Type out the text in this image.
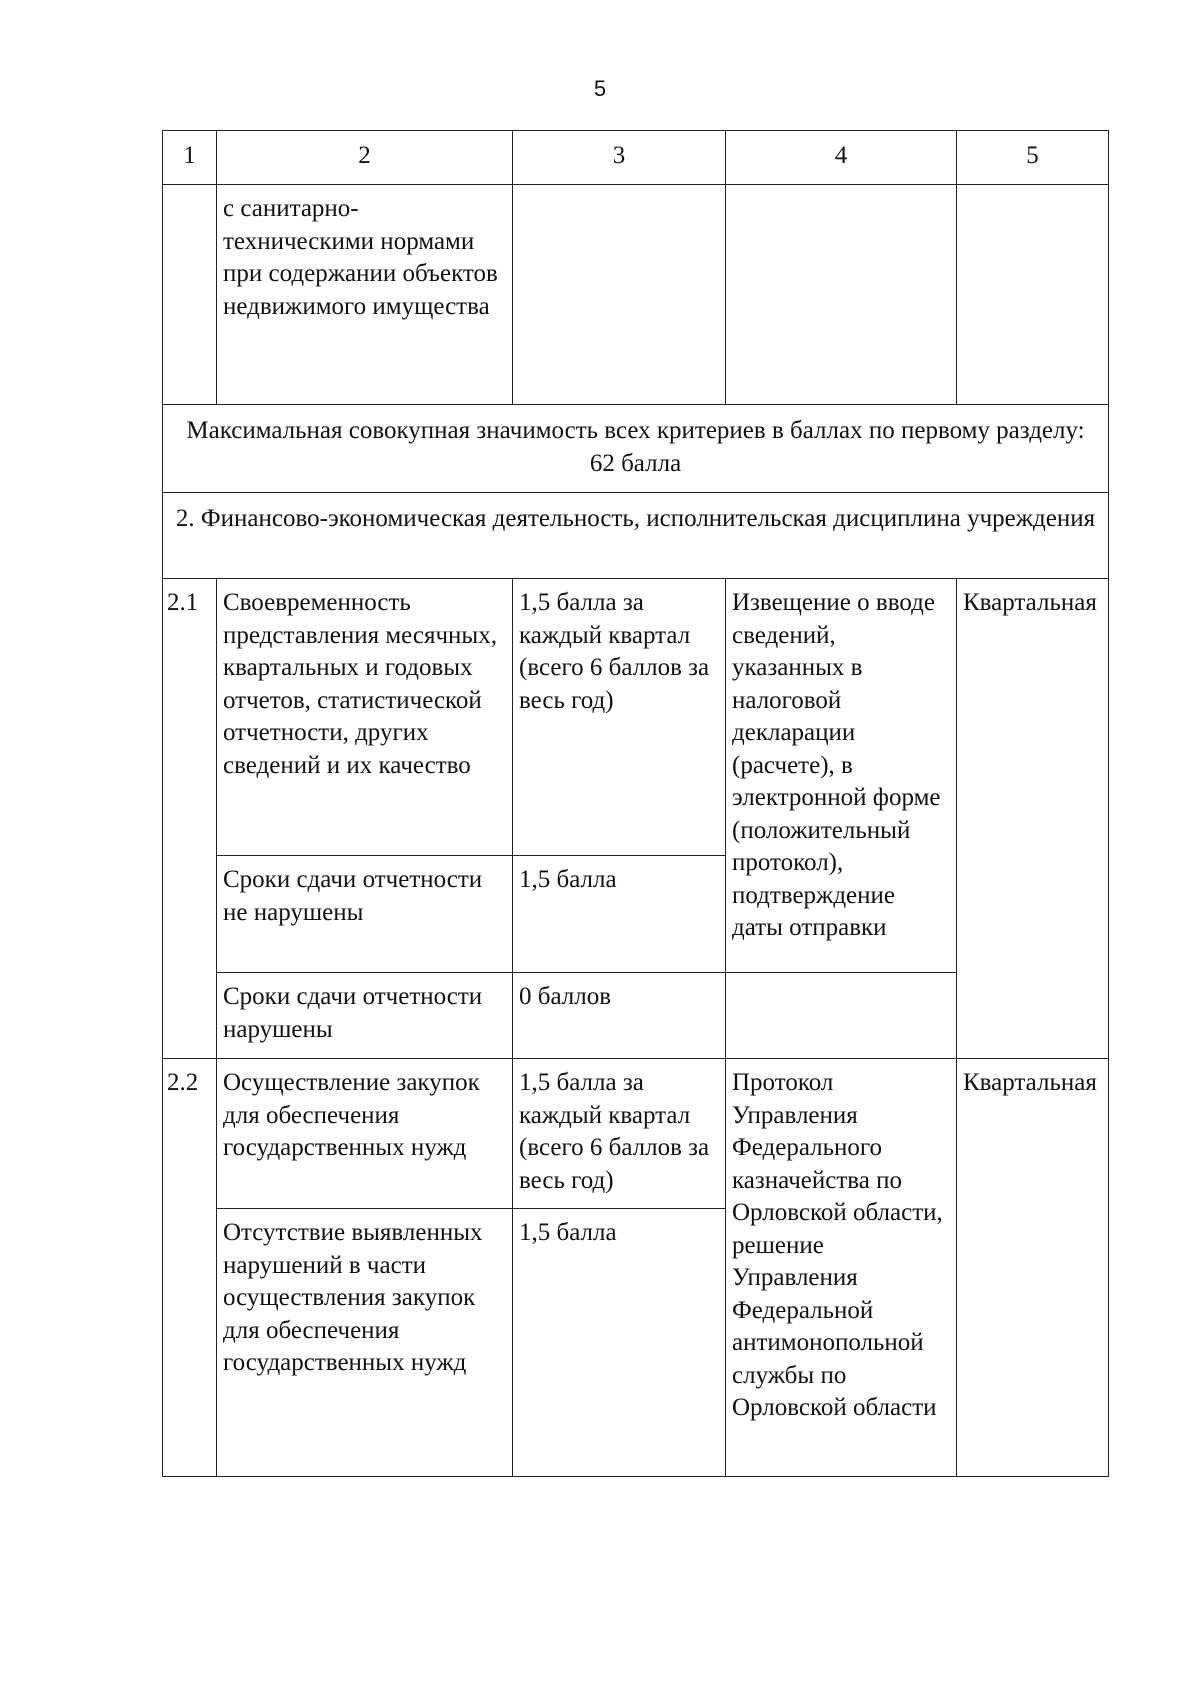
5
1	2	3	4	5
	с санитарно-техническими нормами при содержании объектов недвижимого имущества			
Максимальная совокупная значимость всех критериев в баллах по первому разделу: 62 балла				
2. Финансово-экономическая деятельность, исполнительская дисциплина учреждения				
2.1	Своевременность представления месячных, квартальных и годовых отчетов, статистической отчетности, других сведений и их качество	1,5 балла за каждый квартал (всего 6 баллов за весь год)	Извещение о вводе сведений, указанных в налоговой декларации (расчете), в электронной форме (положительный протокол), подтверждение даты отправки	Квартальная
	Сроки сдачи отчетности не нарушены	1,5 балла		
	Сроки сдачи отчетности нарушены	0 баллов		
2.2	Осуществление закупок для обеспечения государственных нужд	1,5 балла за каждый квартал (всего 6 баллов за весь год)	Протокол Управления Федерального казначейства по Орловской области, решение Управления Федеральной антимонопольной службы по Орловской области	Квартальная
	Отсутствие выявленных нарушений в части осуществления закупок для обеспечения государственных нужд	1,5 балла		
